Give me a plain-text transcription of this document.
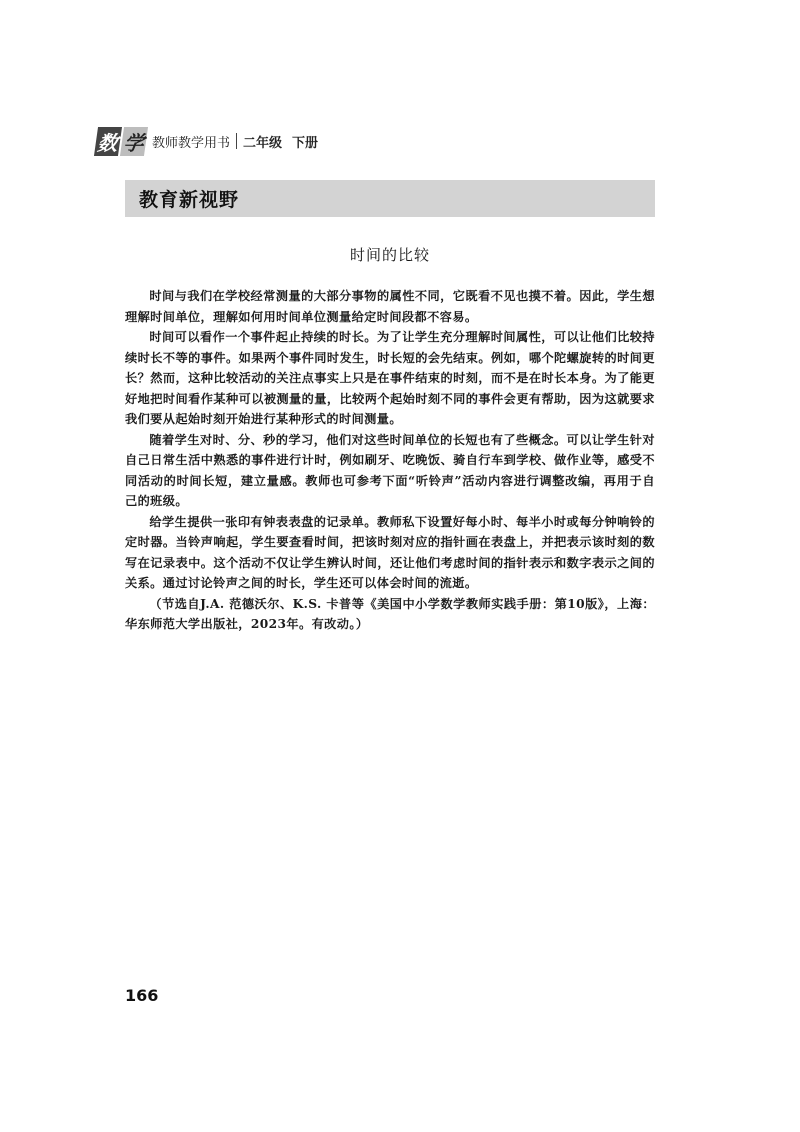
数 学 教师教学用书 二年级 下册
教育新视野
时间的比较

时间与我们在学校经常测量的大部分事物的属性不同，它既看不见也摸不着。因此，学生想理解时间单位，理解如何用时间单位测量给定时间段都不容易。

时间可以看作一个事件起止持续的时长。为了让学生充分理解时间属性，可以让他们比较持续时长不等的事件。如果两个事件同时发生，时长短的会先结束。例如，哪个陀螺旋转的时间更长？然而，这种比较活动的关注点事实上只是在事件结束的时刻，而不是在时长本身。为了能更好地把时间看作某种可以被测量的量，比较两个起始时刻不同的事件会更有帮助，因为这就要求我们要从起始时刻开始进行某种形式的时间测量。

随着学生对时、分、秒的学习，他们对这些时间单位的长短也有了些概念。可以让学生针对自己日常生活中熟悉的事件进行计时，例如刷牙、吃晚饭、骑自行车到学校、做作业等，感受不同活动的时间长短，建立量感。教师也可参考下面“听铃声”活动内容进行调整改编，再用于自己的班级。

给学生提供一张印有钟表表盘的记录单。教师私下设置好每小时、每半小时或每分钟响铃的定时器。当铃声响起，学生要查看时间，把该时刻对应的指针画在表盘上，并把表示该时刻的数写在记录表中。这个活动不仅让学生辨认时间，还让他们考虑时间的指针表示和数字表示之间的关系。通过讨论铃声之间的时长，学生还可以体会时间的流逝。

（节选自J.A. 范德沃尔、K.S. 卡普等《美国中小学数学教师实践手册：第10版》，上海：华东师范大学出版社，2023年。有改动。）

166
